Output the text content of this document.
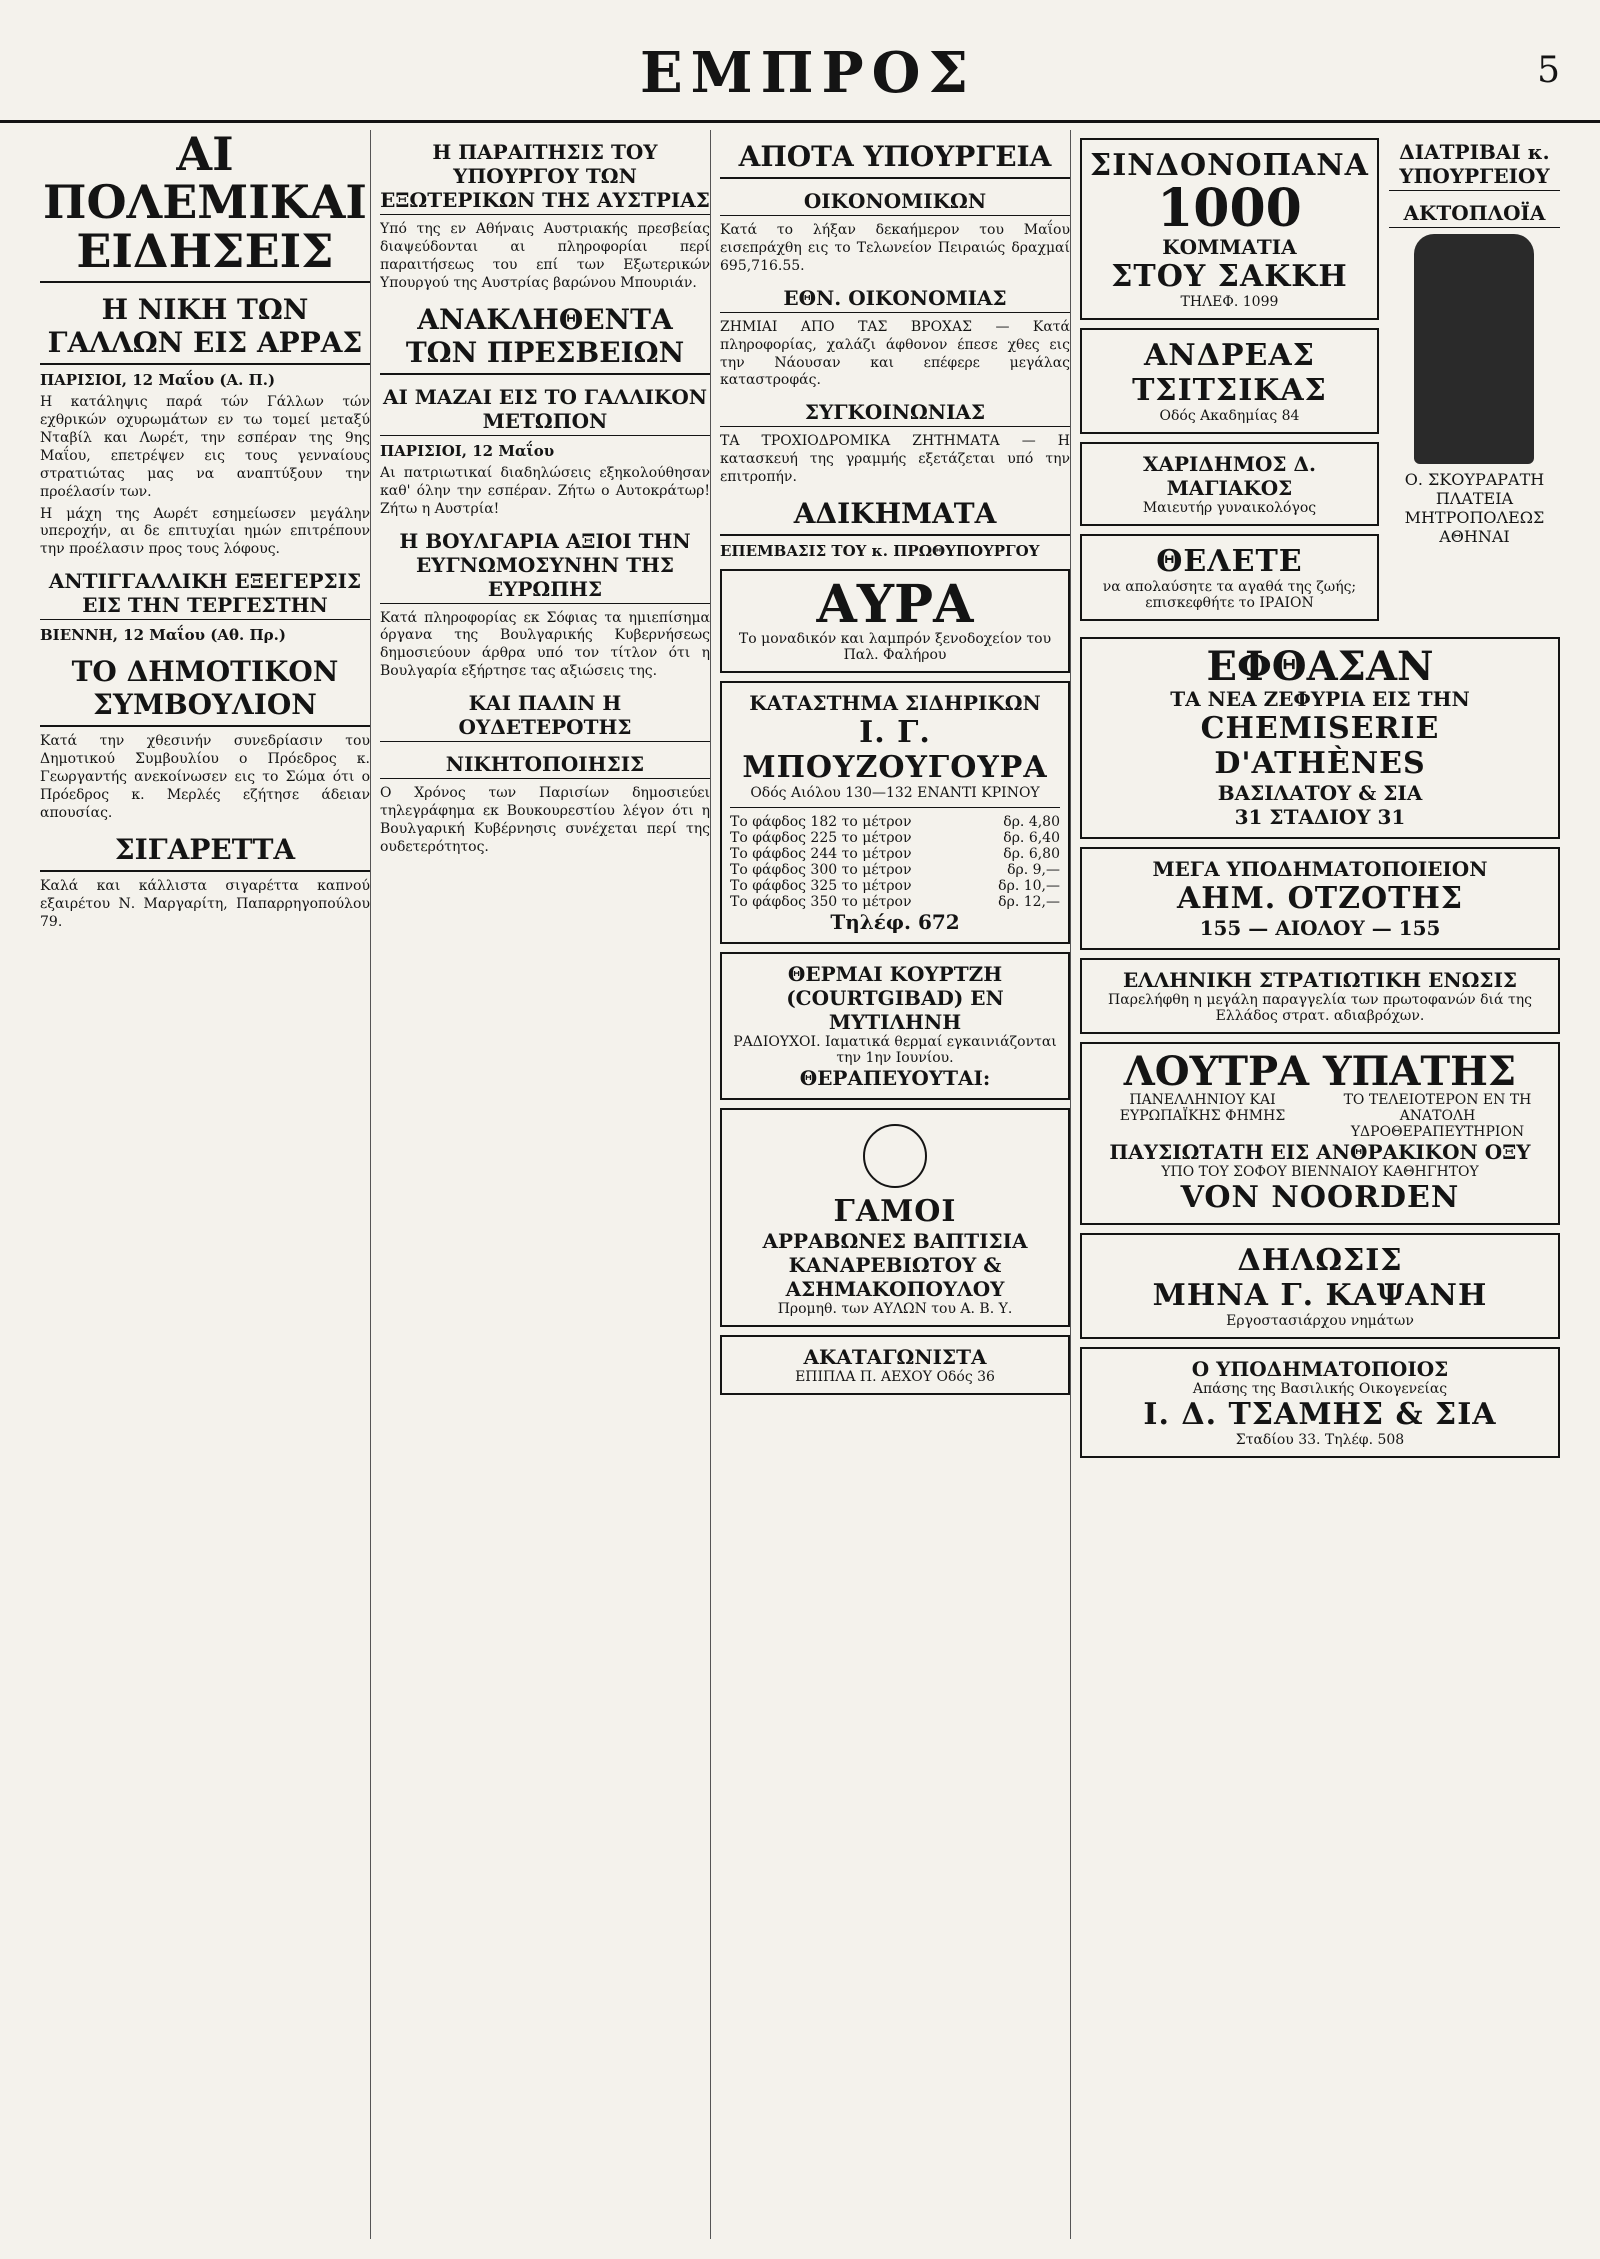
ΕΜΠΡΟΣ	5
ΑΙ ΠΟΛΕΜΙΚΑΙ ΕΙΔΗΣΕΙΣ
Η ΝΙΚΗ ΤΩΝ ΓΑΛΛΩΝ ΕΙΣ ΑΡΡΑΣ

ΠΑΡΙΣΙΟΙ, 12 Μαΐου (Α. Π.)

Η κατάληψις παρά τών Γάλλων τών εχθρικών οχυρωμάτων εν τω τομεί μεταξύ Νταβίλ και Λωρέτ, την εσπέραν της 9ης Μαΐου, επετρέψεν εις τους γενναίους στρατιώτας μας να αναπτύξουν την προέλασίν των.

Η μάχη της Αωρέτ εσημείωσεν μεγάλην υπεροχήν, αι δε επιτυχίαι ημών επιτρέπουν την προέλασιν προς τους λόφους.

ΑΝΤΙΓΓΑΛΛΙΚΗ ΕΞΕΓΕΡΣΙΣ ΕΙΣ ΤΗΝ ΤΕΡΓΕΣΤΗΝ

ΒΙΕΝΝΗ, 12 Μαΐου (Αθ. Πρ.)

ΤΟ ΔΗΜΟΤΙΚΟΝ ΣΥΜΒΟΥΛΙΟΝ

Κατά την χθεσινήν συνεδρίασιν του Δημοτικού Συμβουλίου ο Πρόεδρος κ. Γεωργαντής ανεκοίνωσεν εις το Σώμα ότι ο Πρόεδρος κ. Μερλές εζήτησε άδειαν απουσίας.

ΣΙΓΑΡΕΤΤΑ

Καλά και κάλλιστα σιγαρέττα καπνού εξαιρέτου Ν. Μαργαρίτη, Παπαρρηγοπούλου 79.

Η ΠΑΡΑΙΤΗΣΙΣ ΤΟΥ ΥΠΟΥΡΓΟΥ ΤΩΝ ΕΞΩΤΕΡΙΚΩΝ ΤΗΣ ΑΥΣΤΡΙΑΣ

Υπό της εν Αθήναις Αυστριακής πρεσβείας διαψεύδονται αι πληροφορίαι περί παραιτήσεως του επί των Εξωτερικών Υπουργού της Αυστρίας βαρώνου Μπουριάν.

ΑΝΑΚΛΗΘΕΝΤΑ ΤΩΝ ΠΡΕΣΒΕΙΩΝ
ΑΙ ΜΑΖΑΙ ΕΙΣ ΤΟ ΓΑΛΛΙΚΟΝ ΜΕΤΩΠΟΝ

ΠΑΡΙΣΙΟΙ, 12 Μαΐου

Αι πατριωτικαί διαδηλώσεις εξηκολούθησαν καθ' όλην την εσπέραν. Ζήτω ο Αυτοκράτωρ! Ζήτω η Αυστρία!

Η ΒΟΥΛΓΑΡΙΑ ΑΞΙΟΙ ΤΗΝ ΕΥΓΝΩΜΟΣΥΝΗΝ ΤΗΣ ΕΥΡΩΠΗΣ

Κατά πληροφορίας εκ Σόφιας τα ημιεπίσημα όργανα της Βουλγαρικής Κυβερνήσεως δημοσιεύουν άρθρα υπό τον τίτλον ότι η Βουλγαρία εξήρτησε τας αξιώσεις της.

ΚΑΙ ΠΑΛΙΝ Η ΟΥΔΕΤΕΡΟΤΗΣ
ΝΙΚΗΤΟΠΟΙΗΣΙΣ

Ο Χρόνος των Παρισίων δημοσιεύει τηλεγράφημα εκ Βουκουρεστίου λέγον ότι η Βουλγαρική Κυβέρνησις συνέχεται περί της ουδετερότητος.

ΑΠΟΤΑ ΥΠΟΥΡΓΕΙΑ
ΟΙΚΟΝΟΜΙΚΩΝ

Κατά το λήξαν δεκαήμερον του Μαΐου εισεπράχθη εις το Τελωνείον Πειραιώς δραχμαί 695,716.55.

ΕΘΝ. ΟΙΚΟΝΟΜΙΑΣ

ΖΗΜΙΑΙ ΑΠΟ ΤΑΣ ΒΡΟΧΑΣ — Κατά πληροφορίας, χαλάζι άφθονον έπεσε χθες εις την Νάουσαν και επέφερε μεγάλας καταστροφάς.

ΣΥΓΚΟΙΝΩΝΙΑΣ

ΤΑ ΤΡΟΧΙΟΔΡΟΜΙΚΑ ΖΗΤΗΜΑΤΑ — Η κατασκευή της γραμμής εξετάζεται υπό την επιτροπήν.

ΑΔΙΚΗΜΑΤΑ

ΕΠΕΜΒΑΣΙΣ ΤΟΥ κ. ΠΡΩΘΥΠΟΥΡΓΟΥ

ΑΥΡΑ
Το μοναδικόν και λαμπρόν ξενοδοχείον του Παλ. Φαλήρου
ΚΑΤΑΣΤΗΜΑ ΣΙΔΗΡΙΚΩΝ
Ι. Γ. ΜΠΟΥΖΟΥΓΟΥΡΑ
Οδός Αιόλου 130—132 ΕΝΑΝΤΙ ΚΡΙΝΟΥ
Το φάφδος 182 το μέτρον	δρ. 4,80
Το φάφδος 225 το μέτρον	δρ. 6,40
Το φάφδος 244 το μέτρον	δρ. 6,80
Το φάφδος 300 το μέτρον	δρ. 9,—
Το φάφδος 325 το μέτρον	δρ. 10,—
Το φάφδος 350 το μέτρον	δρ. 12,—
Τηλέφ. 672
ΘΕΡΜΑΙ ΚΟΥΡΤΖΗ (COURTGIBAD) ΕΝ ΜΥΤΙΛΗΝΗ
ΡΑΔΙΟΥΧΟΙ. Ιαματικά θερμαί εγκαινιάζονται την 1ην Ιουνίου.
ΘΕΡΑΠΕΥΟΥΤΑΙ:
ΓΑΜΟΙ
ΑΡΡΑΒΩΝΕΣ ΒΑΠΤΙΣΙΑ
ΚΑΝΑΡΕΒΙΩΤΟΥ & ΑΣΗΜΑΚΟΠΟΥΛΟΥ
Προμηθ. των ΑΥΛΩΝ του Α. Β. Υ.
ΑΚΑΤΑΓΩΝΙΣΤΑ
ΕΠΙΠΛΑ Π. ΑΕΧΟΥ Οδός 36
ΣΙΝΔΟΝΟΠΑΝΑ
1000 ΚΟΜΜΑΤΙΑ
ΣΤΟΥ ΣΑΚΚΗ
ΤΗΛΕΦ. 1099
ΑΝΔΡΕΑΣ ΤΣΙΤΣΙΚΑΣ
Οδός Ακαδημίας 84
ΧΑΡΙΔΗΜΟΣ Δ. ΜΑΓΙΑΚΟΣ
Μαιευτήρ γυναικολόγος
ΘΕΛΕΤΕ
να απολαύσητε τα αγαθά της ζωής; επισκεφθήτε το ΙΡΑΙΟΝ
ΔΙΑΤΡΙΒΑΙ κ. ΥΠΟΥΡΓΕΙΟΥ
ΑΚΤΟΠΛΟΪΑ
Ο. ΣΚΟΥΡΑΡΑΤΗ
ΠΛΑΤΕΙΑ ΜΗΤΡΟΠΟΛΕΩΣ ΑΘΗΝΑΙ
ΕΦΘΑΣΑΝ
ΤΑ ΝΕΑ ΖΕΦΥΡΙΑ ΕΙΣ ΤΗΝ
CHEMISERIE D'ATHÈNES
ΒΑΣΙΛΑΤΟΥ & ΣΙΑ
31 ΣΤΑΔΙΟΥ 31
ΜΕΓΑ ΥΠΟΔΗΜΑΤΟΠΟΙΕΙΟΝ
ΑΗΜ. ΟΤΖΟΤΗΣ
155 — ΑΙΟΛΟΥ — 155
ΕΛΛΗΝΙΚΗ ΣΤΡΑΤΙΩΤΙΚΗ ΕΝΩΣΙΣ
Παρελήφθη η μεγάλη παραγγελία των πρωτοφανών διά της Ελλάδος στρατ. αδιαβρόχων.
ΛΟΥΤΡΑ ΥΠΑΤΗΣ
ΠΑΝΕΛΛΗΝΙΟΥ ΚΑΙ ΕΥΡΩΠΑΪΚΗΣ ΦΗΜΗΣ
ΤΟ ΤΕΛΕΙΟΤΕΡΟΝ ΕΝ ΤΗ ΑΝΑΤΟΛΗ ΥΔΡΟΘΕΡΑΠΕΥΤΗΡΙΟΝ
ΠΑΥΣΙΩΤΑΤΗ ΕΙΣ ΑΝΘΡΑΚΙΚΟΝ ΟΞΥ
ΥΠΟ ΤΟΥ ΣΟΦΟΥ ΒΙΕΝΝΑΙΟΥ ΚΑΘΗΓΗΤΟΥ
VON NOORDEN
ΔΗΛΩΣΙΣ
ΜΗΝΑ Γ. ΚΑΨΑΝΗ
Εργοστασιάρχου νημάτων
Ο ΥΠΟΔΗΜΑΤΟΠΟΙΟΣ
Απάσης της Βασιλικής Οικογενείας
Ι. Δ. ΤΣΑΜΗΣ & ΣΙΑ
Σταδίου 33. Τηλέφ. 508
